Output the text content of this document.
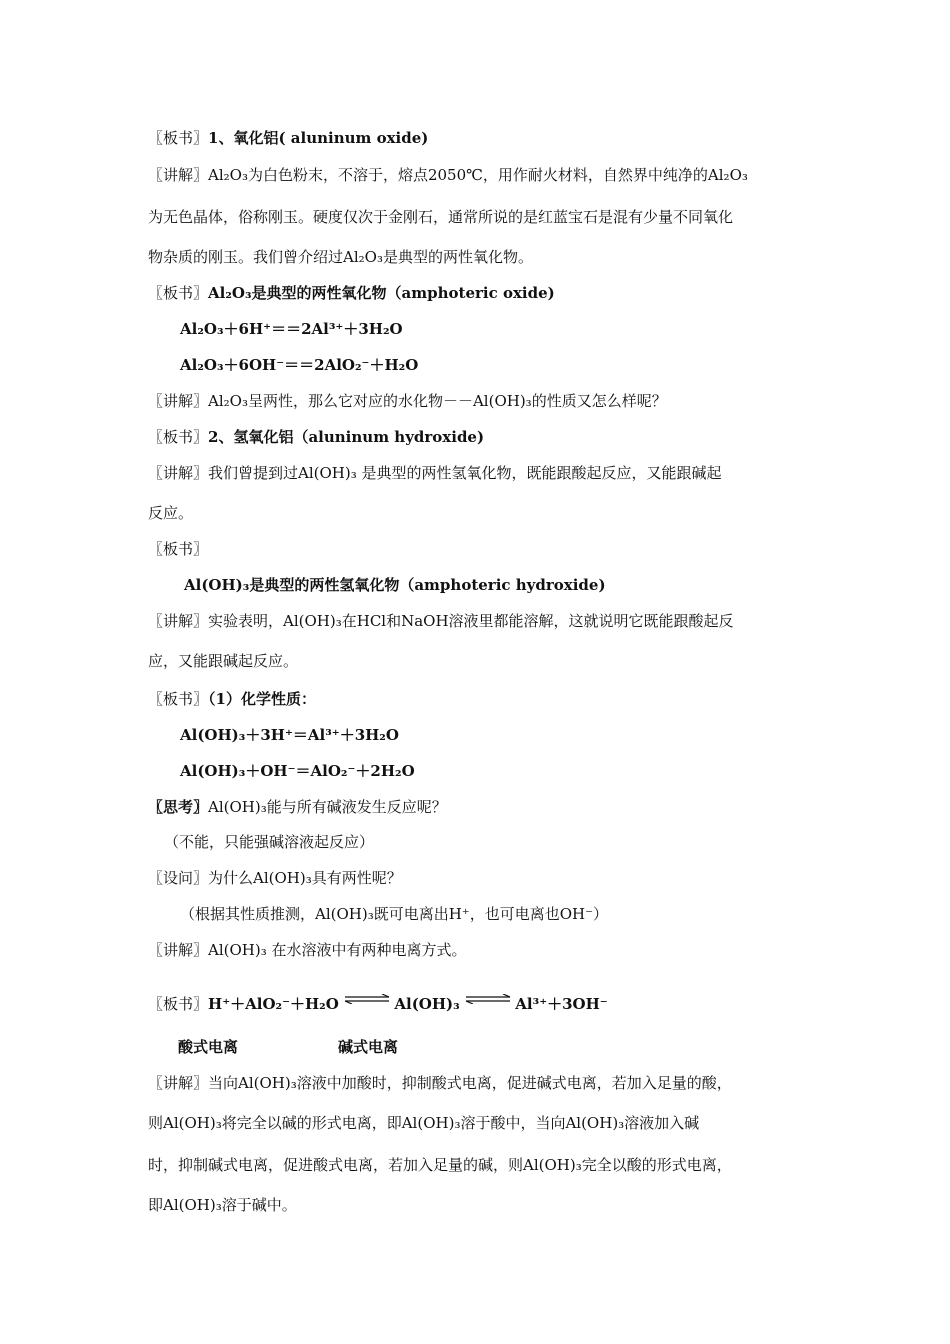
〖板书〗1、氧化铝( aluninum oxide)
〖讲解〗Al₂O₃为白色粉末，不溶于，熔点2050℃，用作耐火材料，自然界中纯净的Al₂O₃
为无色晶体，俗称刚玉。硬度仅次于金刚石，通常所说的是红蓝宝石是混有少量不同氧化
物杂质的刚玉。我们曾介绍过Al₂O₃是典型的两性氧化物。
〖板书〗Al₂O₃是典型的两性氧化物（amphoteric oxide)
Al₂O₃＋6H⁺＝＝2Al³⁺＋3H₂O
Al₂O₃＋6OH⁻＝＝2AlO₂⁻＋H₂O
〖讲解〗Al₂O₃呈两性，那么它对应的水化物－－Al(OH)₃的性质又怎么样呢？
〖板书〗2、氢氧化铝（aluninum hydroxide)
〖讲解〗我们曾提到过Al(OH)₃ 是典型的两性氢氧化物，既能跟酸起反应，又能跟碱起
反应。
〖板书〗
Al(OH)₃是典型的两性氢氧化物（amphoteric hydroxide)
〖讲解〗实验表明，Al(OH)₃在HCl和NaOH溶液里都能溶解，这就说明它既能跟酸起反
应，又能跟碱起反应。
〖板书〗（1）化学性质：
Al(OH)₃＋3H⁺＝Al³⁺＋3H₂O
Al(OH)₃＋OH⁻＝AlO₂⁻＋2H₂O
〖思考〗Al(OH)₃能与所有碱液发生反应呢？
（不能，只能强碱溶液起反应）
〖设问〗为什么Al(OH)₃具有两性呢？
（根据其性质推测，Al(OH)₃既可电离出H⁺，也可电离也OH⁻）
〖讲解〗Al(OH)₃ 在水溶液中有两种电离方式。
〖板书〗H⁺＋AlO₂⁻＋H₂O ⇌ Al(OH)₃ ⇌ Al³⁺＋3OH⁻
酸式电离	碱式电离
〖讲解〗当向Al(OH)₃溶液中加酸时，抑制酸式电离，促进碱式电离，若加入足量的酸，
则Al(OH)₃将完全以碱的形式电离，即Al(OH)₃溶于酸中，当向Al(OH)₃溶液加入碱
时，抑制碱式电离，促进酸式电离，若加入足量的碱，则Al(OH)₃完全以酸的形式电离，
即Al(OH)₃溶于碱中。
